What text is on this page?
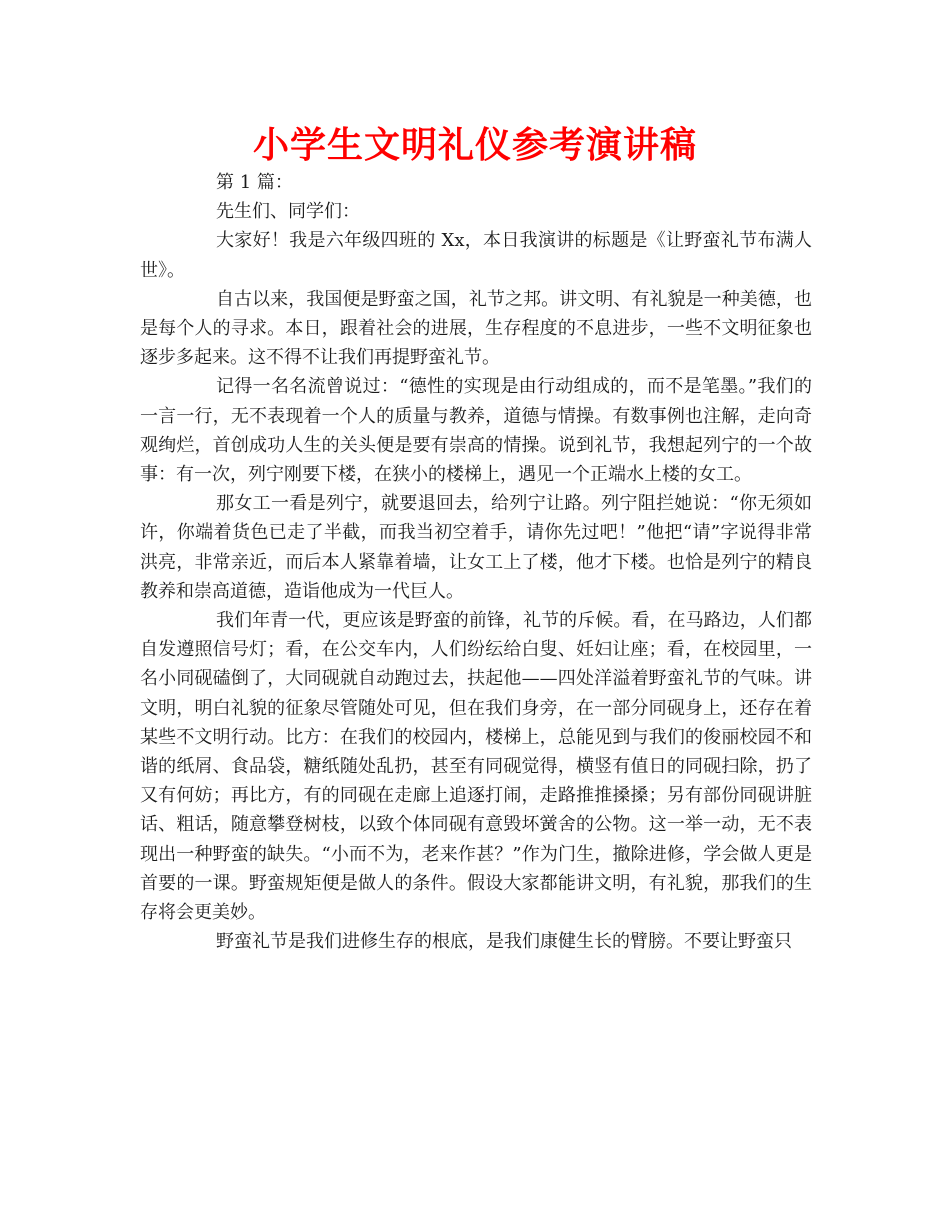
小学生文明礼仪参考演讲稿

第 1 篇：

先生们、同学们：

大家好！我是六年级四班的 Xx，本日我演讲的标题是《让野蛮礼节布满人世》。

自古以来，我国便是野蛮之国，礼节之邦。讲文明、有礼貌是一种美德，也是每个人的寻求。本日，跟着社会的进展，生存程度的不息进步，一些不文明征象也逐步多起来。这不得不让我们再提野蛮礼节。

记得一名名流曾说过：“德性的实现是由行动组成的，而不是笔墨。”我们的一言一行，无不表现着一个人的质量与教养，道德与情操。有数事例也注解，走向奇观绚烂，首创成功人生的关头便是要有崇高的情操。说到礼节，我想起列宁的一个故事：有一次，列宁刚要下楼，在狭小的楼梯上，遇见一个正端水上楼的女工。

那女工一看是列宁，就要退回去，给列宁让路。列宁阻拦她说：“你无须如许，你端着货色已走了半截，而我当初空着手，请你先过吧！”他把“请”字说得非常洪亮，非常亲近，而后本人紧靠着墙，让女工上了楼，他才下楼。也恰是列宁的精良教养和崇高道德，造诣他成为一代巨人。

我们年青一代，更应该是野蛮的前锋，礼节的斥候。看，在马路边，人们都自发遵照信号灯；看，在公交车内，人们纷纭给白叟、妊妇让座；看，在校园里，一名小同砚磕倒了，大同砚就自动跑过去，扶起他——四处洋溢着野蛮礼节的气味。讲文明，明白礼貌的征象尽管随处可见，但在我们身旁，在一部分同砚身上，还存在着某些不文明行动。比方：在我们的校园内，楼梯上，总能见到与我们的俊丽校园不和谐的纸屑、食品袋，糖纸随处乱扔，甚至有同砚觉得，横竖有值日的同砚扫除，扔了又有何妨；再比方，有的同砚在走廊上追逐打闹，走路推推搡搡；另有部份同砚讲脏话、粗话，随意攀登树枝，以致个体同砚有意毁坏黉舍的公物。这一举一动，无不表现出一种野蛮的缺失。“小而不为，老来作甚？”作为门生，撤除进修，学会做人更是首要的一课。野蛮规矩便是做人的条件。假设大家都能讲文明，有礼貌，那我们的生存将会更美妙。

野蛮礼节是我们进修生存的根底，是我们康健生长的臂膀。不要让野蛮只
